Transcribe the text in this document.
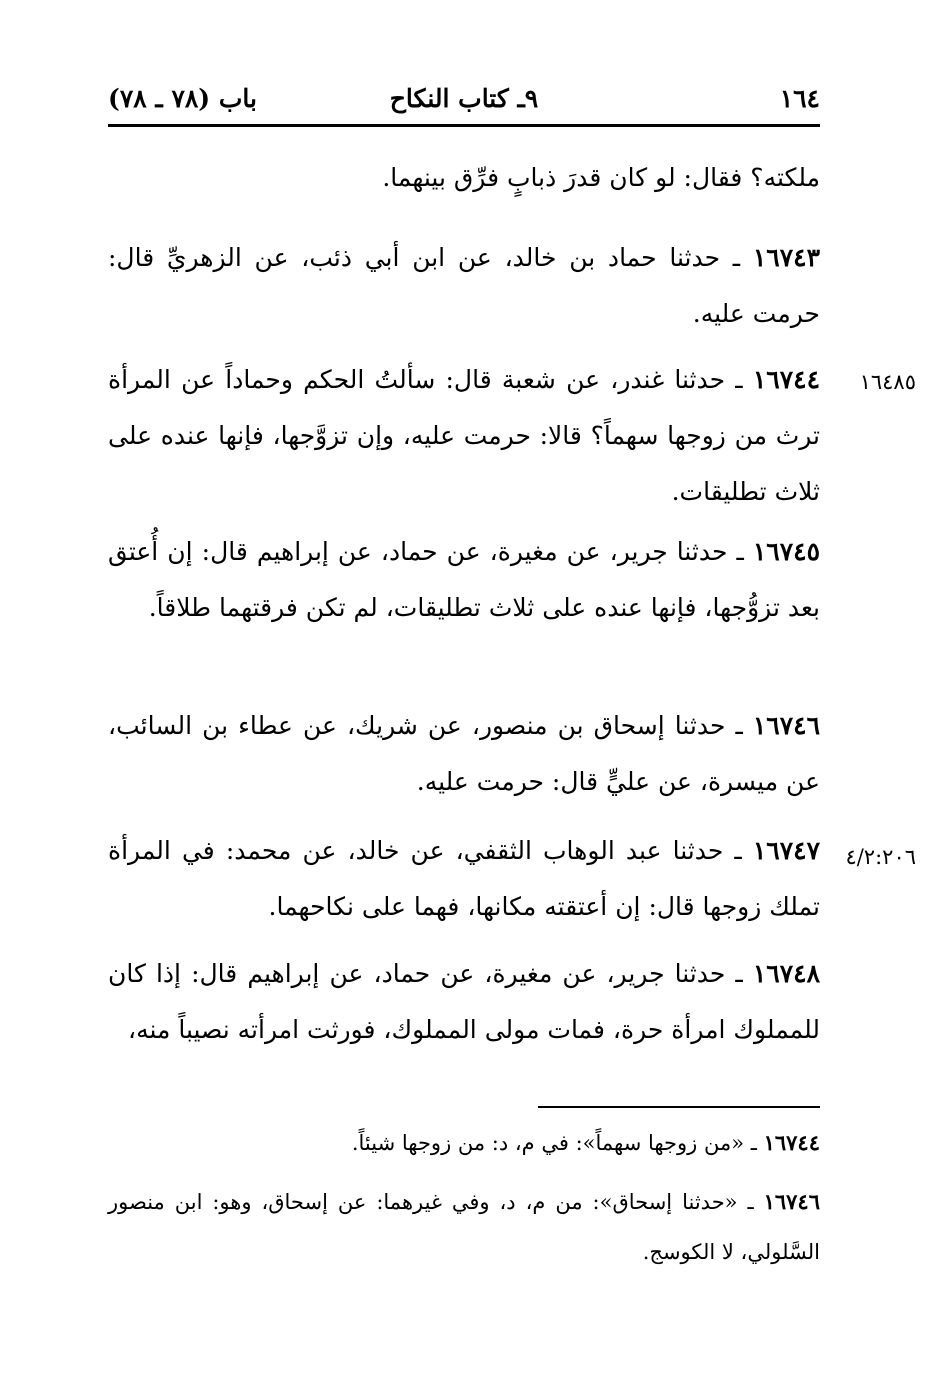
١٦٤
٩ـ كتاب النكاح
باب (٧٨ ـ ٧٨)

ملكته؟ فقال: لو كان قدرَ ذبابٍ فرِّق بينهما.

١٦٧٤٣ ـ حدثنا حماد بن خالد، عن ابن أبي ذئب، عن الزهريِّ قال: حرمت عليه.

١٦٤٨٥

١٦٧٤٤ ـ حدثنا غندر، عن شعبة قال: سألتُ الحكم وحماداً عن المرأة ترث من زوجها سهماً؟ قالا: حرمت عليه، وإن تزوَّجها، فإنها عنده على ثلاث تطليقات.

١٦٧٤٥ ـ حدثنا جرير، عن مغيرة، عن حماد، عن إبراهيم قال: إن أُعتق بعد تزوُّجها، فإنها عنده على ثلاث تطليقات، لم تكن فرقتهما طلاقاً.

١٦٧٤٦ ـ حدثنا إسحاق بن منصور، عن شريك، عن عطاء بن السائب، عن ميسرة، عن عليٍّ قال: حرمت عليه.

٤/٢:٢٠٦

١٦٧٤٧ ـ حدثنا عبد الوهاب الثقفي، عن خالد، عن محمد: في المرأة تملك زوجها قال: إن أعتقته مكانها، فهما على نكاحهما.

١٦٧٤٨ ـ حدثنا جرير، عن مغيرة، عن حماد، عن إبراهيم قال: إذا كان للمملوك امرأة حرة، فمات مولى المملوك، فورثت امرأته نصيباً منه،

١٦٧٤٤ ـ «من زوجها سهماً»: في م، د: من زوجها شيئاً.

١٦٧٤٦ ـ «حدثنا إسحاق»: من م، د، وفي غيرهما: عن إسحاق، وهو: ابن منصور السَّلولي، لا الكوسج.
